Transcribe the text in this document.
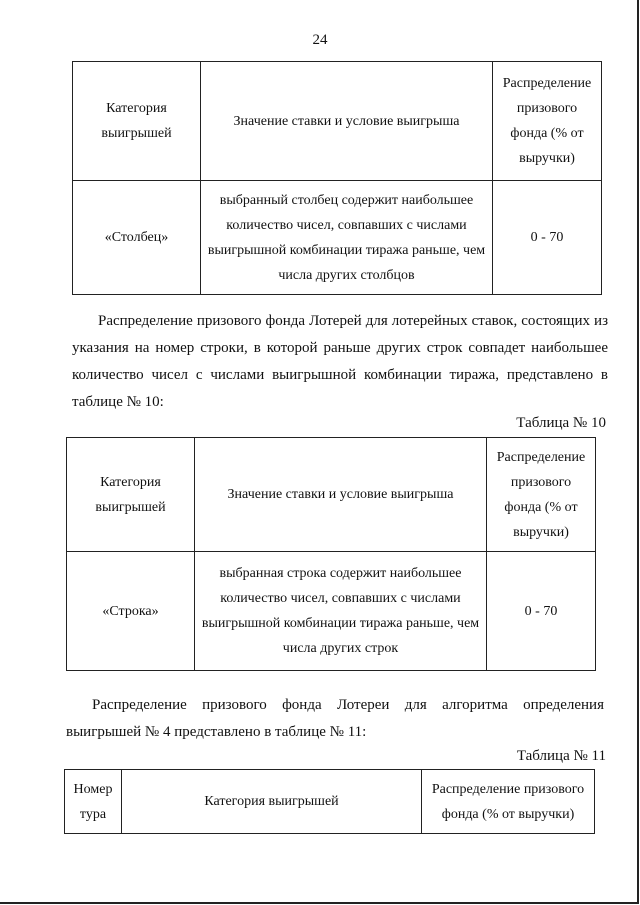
24
Категория выигрышей	Значение ставки и условие выигрыша	Распределение призового фонда (% от выручки)
«Столбец»	выбранный столбец содержит наибольшее количество чисел, совпавших с числами выигрышной комбинации тиража раньше, чем числа других столбцов	0 - 70

Распределение призового фонда Лотерей для лотерейных ставок, состоящих из указания на номер строки, в которой раньше других строк совпадет наибольшее количество чисел с числами выигрышной комбинации тиража, представлено в таблице № 10:

Таблица № 10
Категория выигрышей	Значение ставки и условие выигрыша	Распределение призового фонда (% от выручки)
«Строка»	выбранная строка содержит наибольшее количество чисел, совпавших с числами выигрышной комбинации тиража раньше, чем числа других строк	0 - 70

Распределение призового фонда Лотереи для алгоритма определения выигрышей № 4 представлено в таблице № 11:

Таблица № 11
Номер тура	Категория выигрышей	Распределение призового фонда (% от выручки)
